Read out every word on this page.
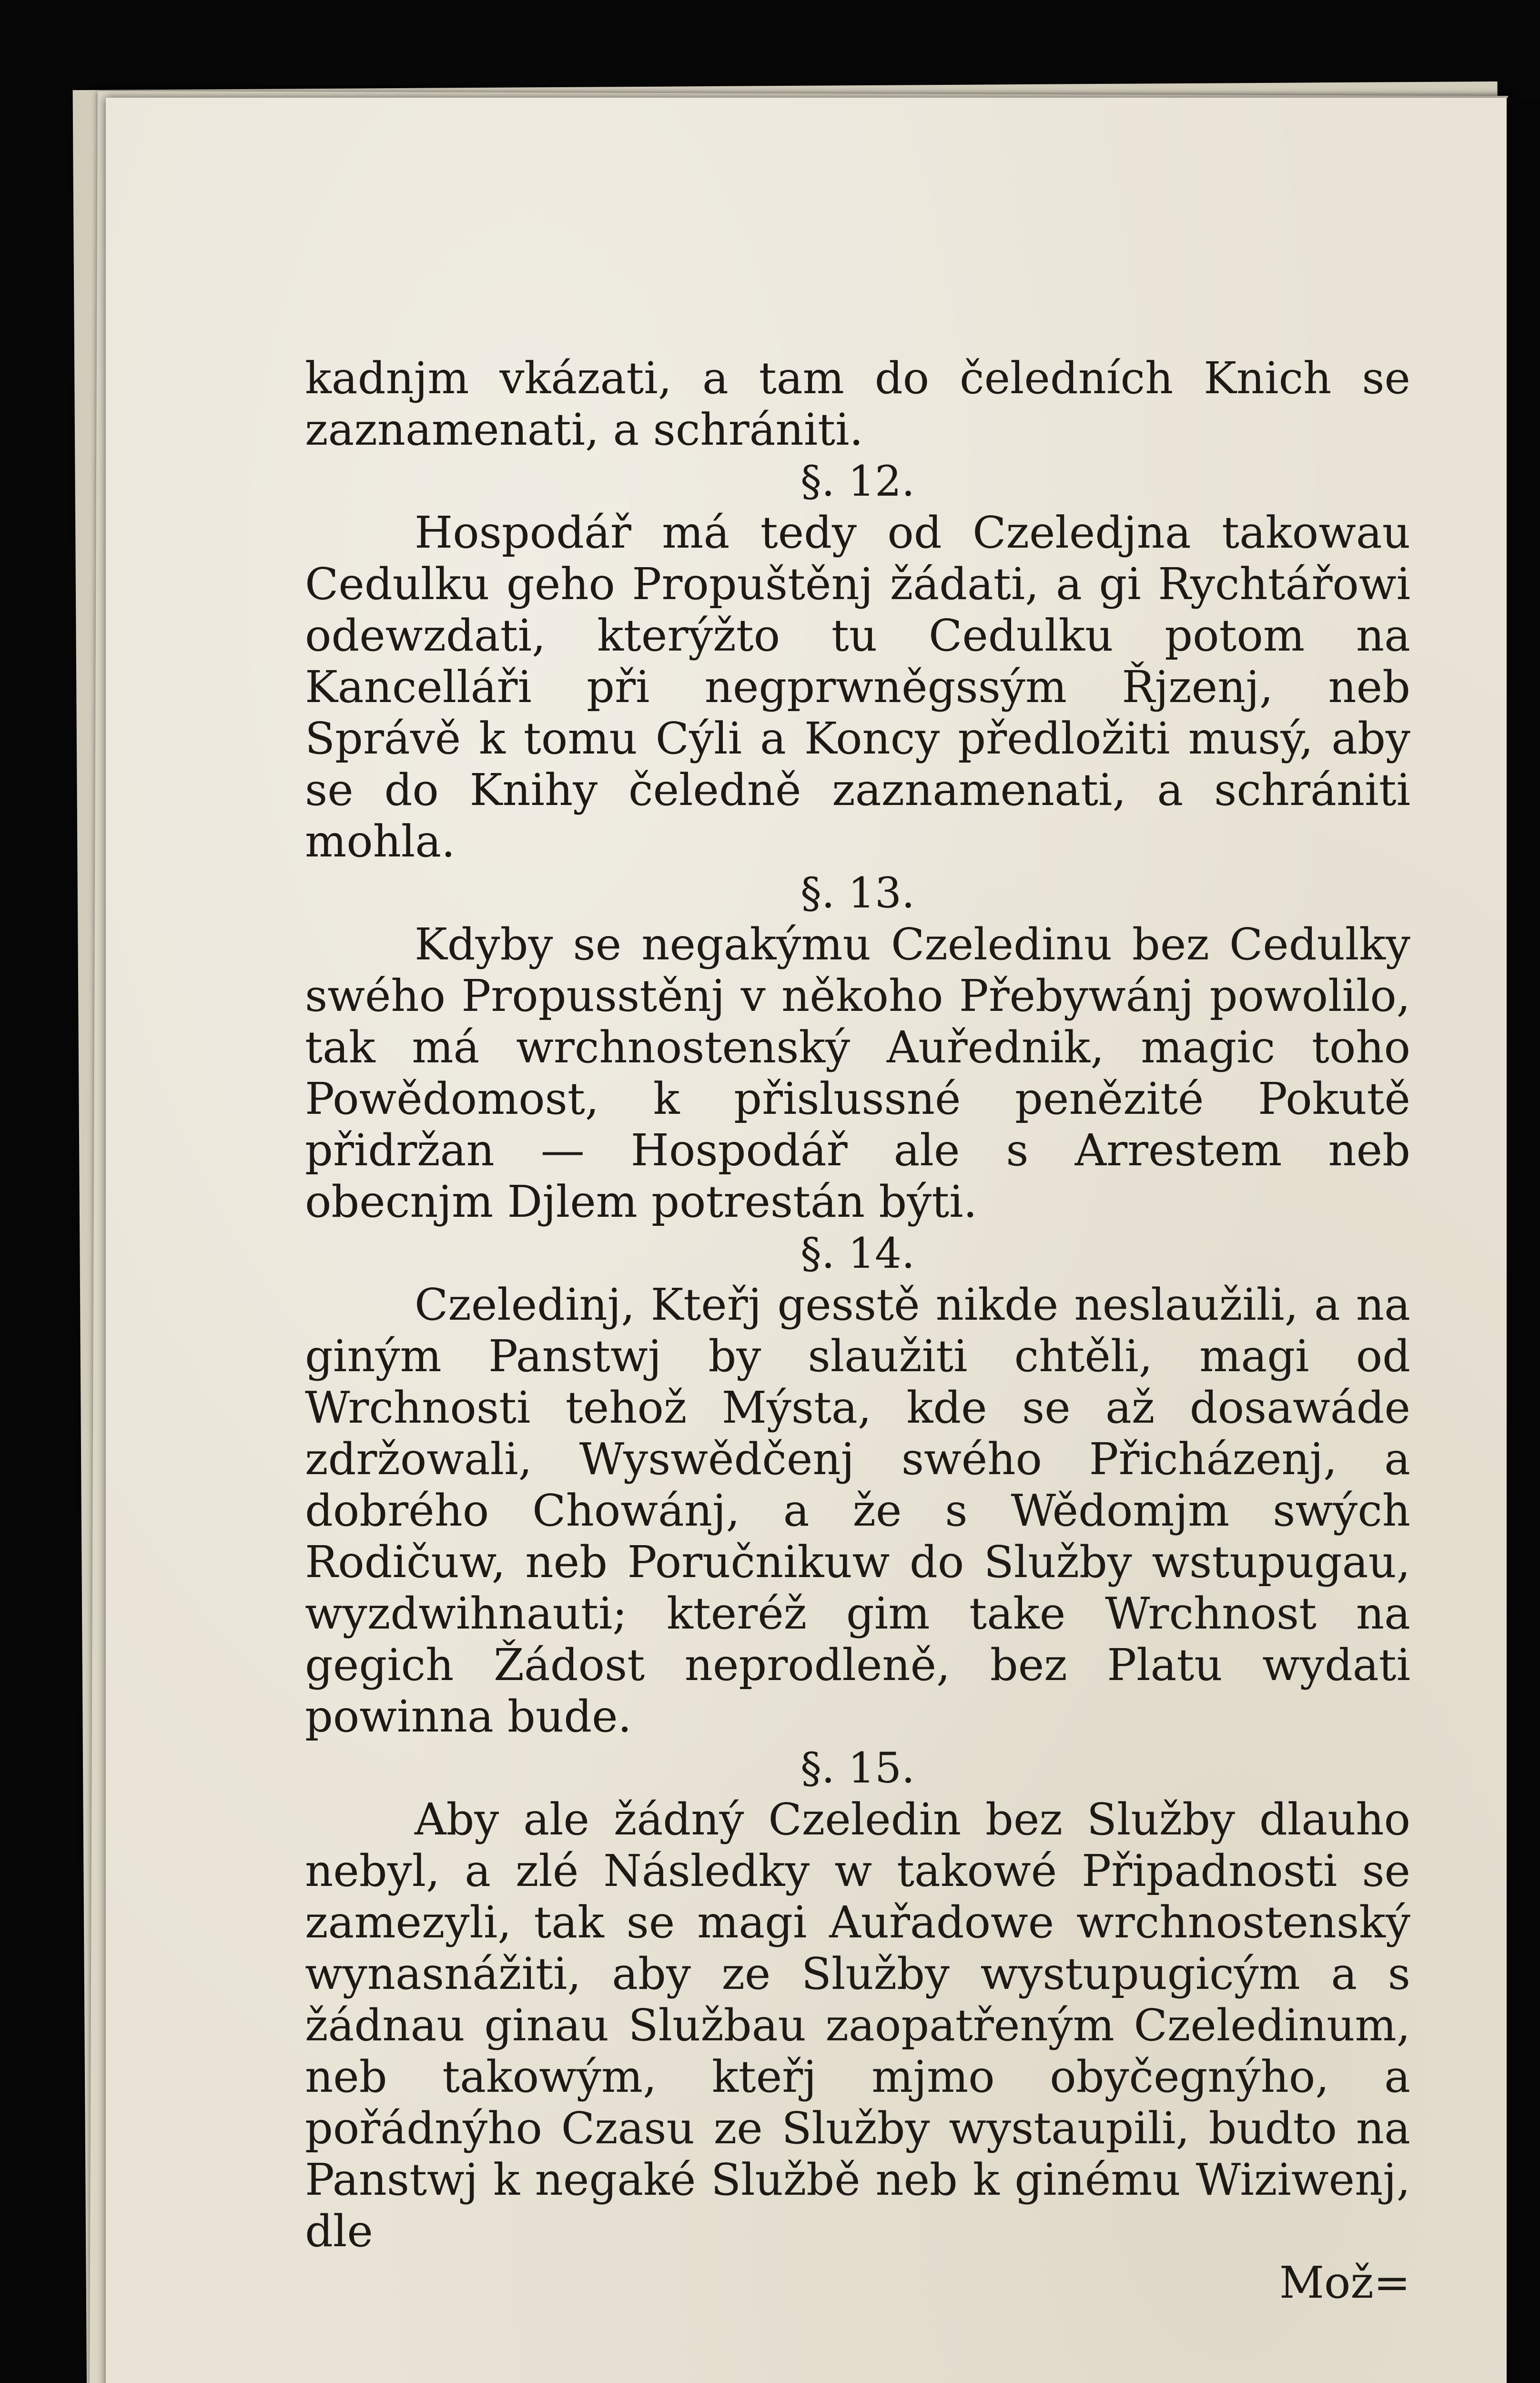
kadnjm vkázati, a tam do čeledních Knich se zaznamenati, a schrániti.

§. 12.

Hospodář má tedy od Czeledjna takowau Cedulku geho Propuštěnj žádati, a gi Rychtářowi odewzdati, kterýžto tu Cedulku potom na Kancelláři při negprwněgssým Řjzenj, neb Správě k tomu Cýli a Koncy předložiti musý, aby se do Knihy čeledně zaznamenati, a schrániti mohla.

§. 13.

Kdyby se negakýmu Czeledinu bez Cedulky swého Propusstěnj v někoho Přebywánj powolilo, tak má wrchnostenský Auřednik, magic toho Powědomost, k přislussné penězité Pokutě přidržan — Hospodář ale s Arrestem neb obecnjm Djlem potrestán býti.

§. 14.

Czeledinj, Kteřj gesstě nikde neslaužili, a na giným Panstwj by slaužiti chtěli, magi od Wrchnosti tehož Mýsta, kde se až dosawáde zdržowali, Wyswědčenj swého Přicházenj, a dobrého Chowánj, a že s Wědomjm swých Rodičuw, neb Poručnikuw do Služby wstupugau, wyzdwihnauti; kteréž gim take Wrchnost na gegich Žádost neprodleně, bez Platu wydati powinna bude.

§. 15.

Aby ale žádný Czeledin bez Služby dlauho nebyl, a zlé Následky w takowé Připadnosti se zamezyli, tak se magi Auřadowe wrchnostenský wynasnážiti, aby ze Služby wystupugicým a s žádnau ginau Službau zaopatřeným Czeledinum, neb takowým, kteřj mjmo obyčegnýho, a pořádnýho Czasu ze Služby wystaupili, budto na Panstwj k negaké Službě neb k ginému Wiziwenj, dle

Mož=
